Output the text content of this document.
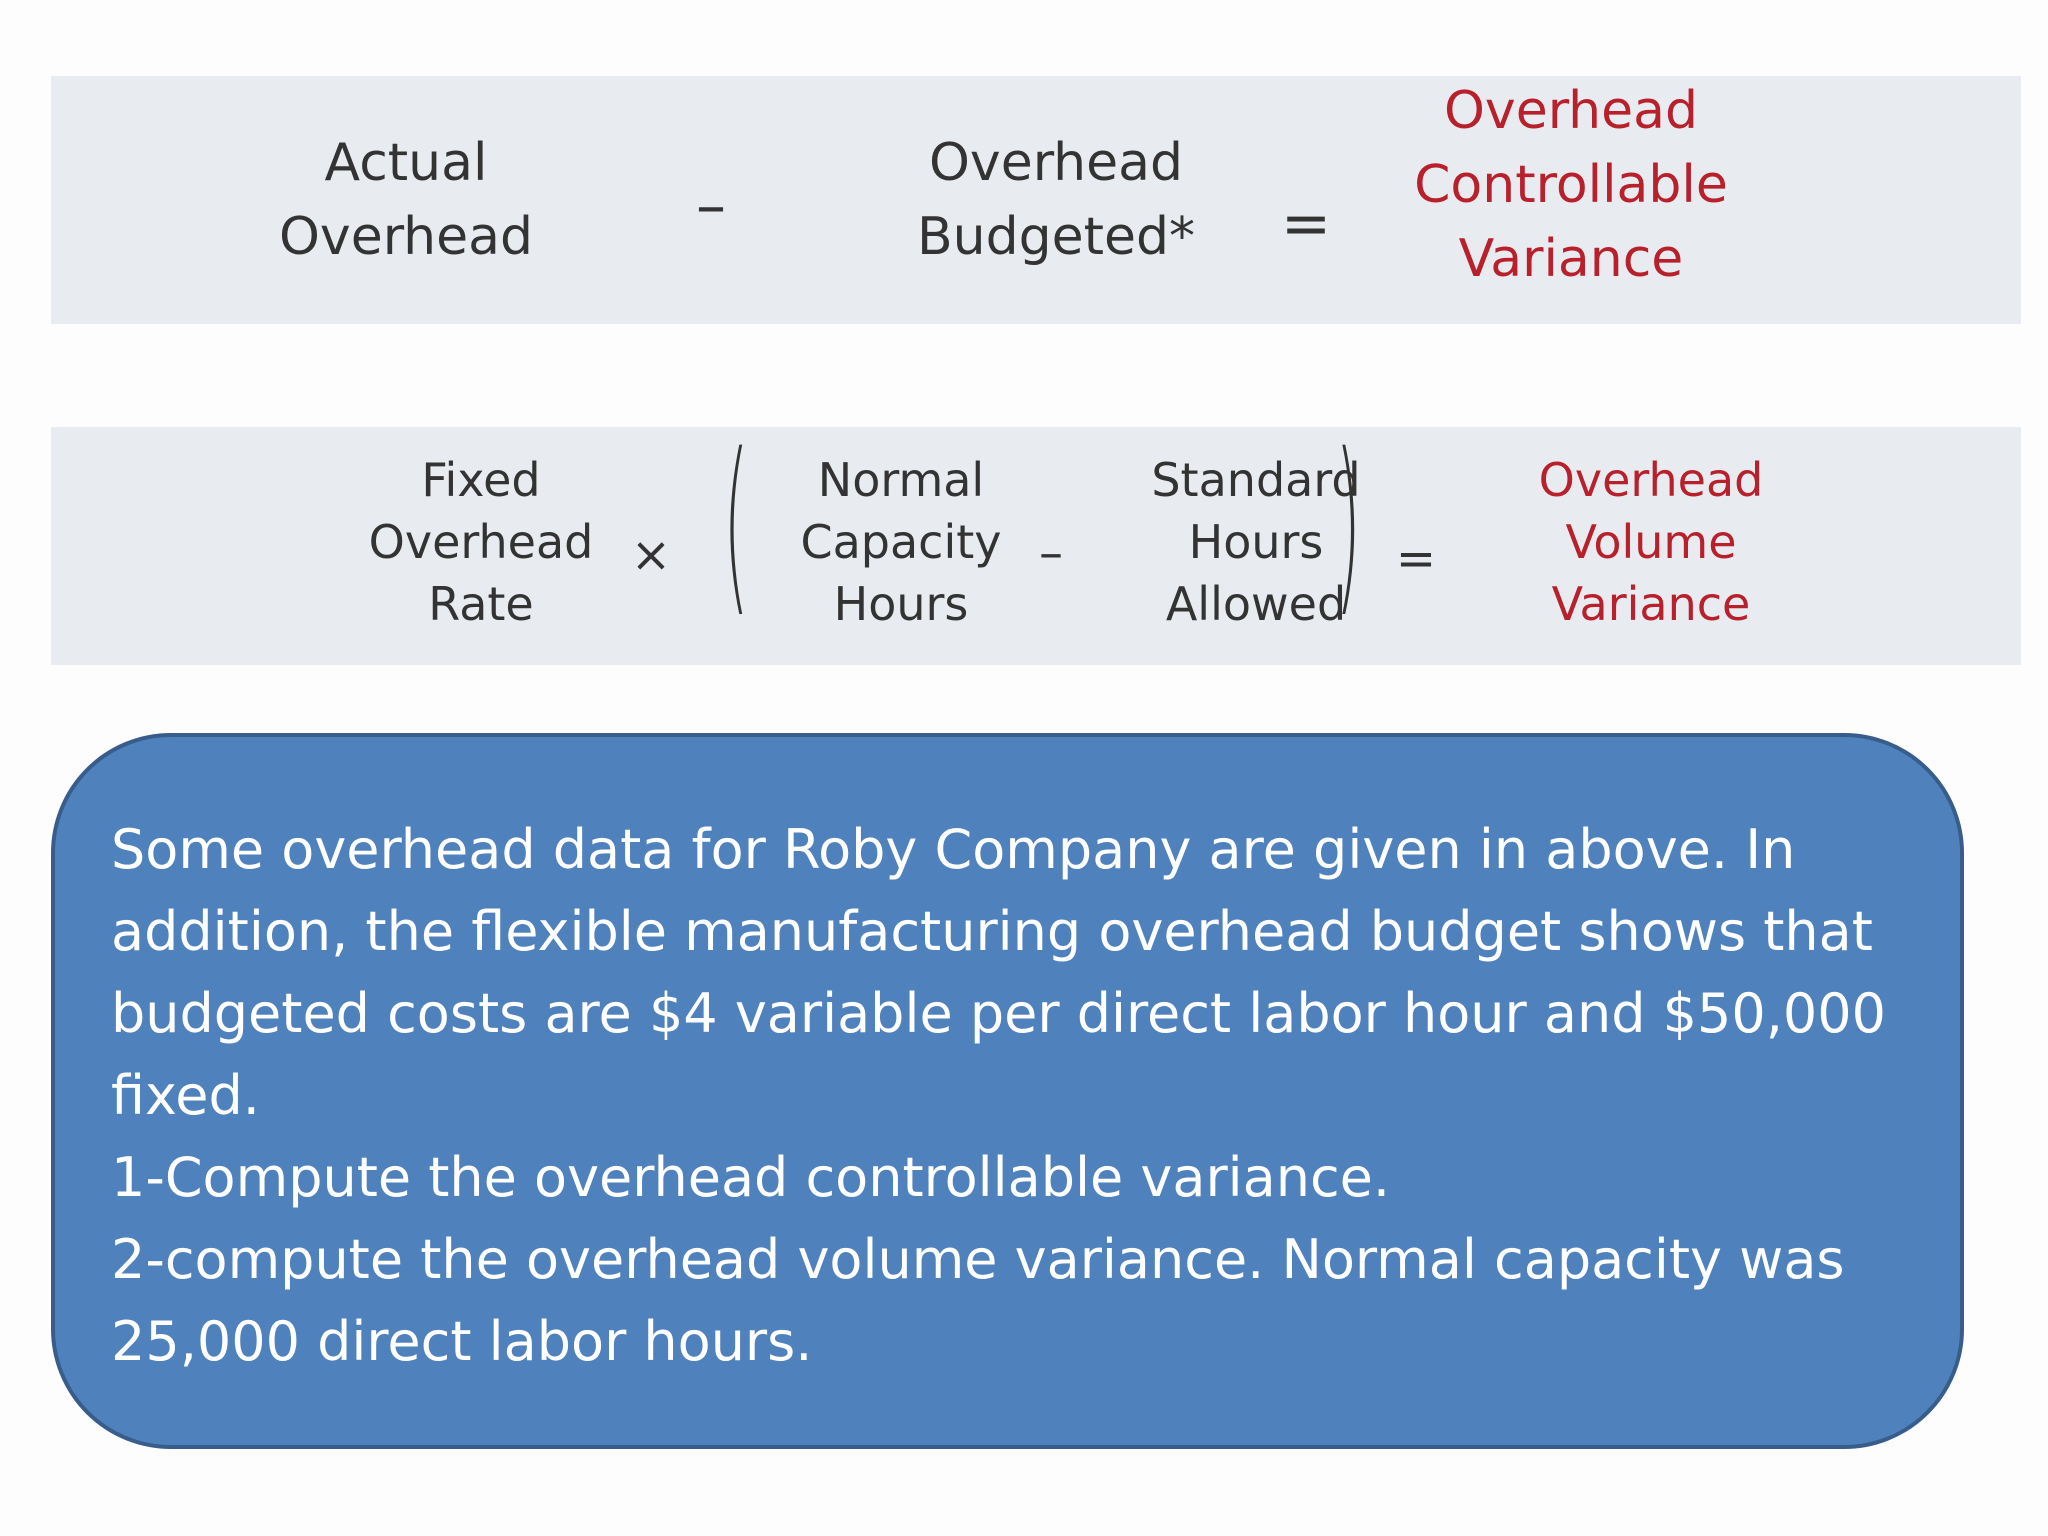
Actual
Overhead	–
Overhead
Budgeted*	=
Overhead
Controllable
Variance
Fixed
Overhead
Rate
× (	Normal
Capacity
Hours
–
Standard
Hours
Allowed
) =
Overhead
Volume
Variance

Some overhead data for Roby Company are given in above. In addition, the flexible manufacturing overhead budget shows that budgeted costs are $4 variable per direct labor hour and $50,000 fixed.

1-Compute the overhead controllable variance.

2-compute the overhead volume variance. Normal capacity was 25,000 direct labor hours.
